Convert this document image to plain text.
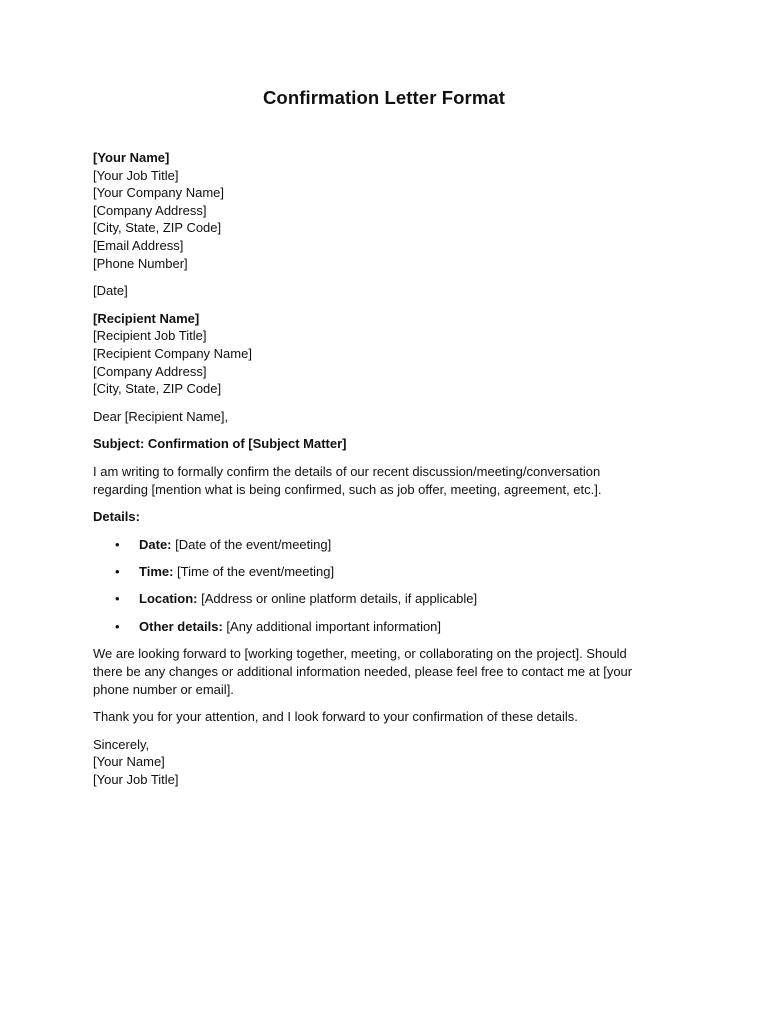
Confirmation Letter Format
[Your Name]
[Your Job Title]
[Your Company Name]
[Company Address]
[City, State, ZIP Code]
[Email Address]
[Phone Number]
[Date]
[Recipient Name]
[Recipient Job Title]
[Recipient Company Name]
[Company Address]
[City, State, ZIP Code]
Dear [Recipient Name],
Subject: Confirmation of [Subject Matter]
I am writing to formally confirm the details of our recent discussion/meeting/conversation
regarding [mention what is being confirmed, such as job offer, meeting, agreement, etc.].
Details:
• Date: [Date of the event/meeting]
• Time: [Time of the event/meeting]
• Location: [Address or online platform details, if applicable]
• Other details: [Any additional important information]
We are looking forward to [working together, meeting, or collaborating on the project]. Should
there be any changes or additional information needed, please feel free to contact me at [your
phone number or email].
Thank you for your attention, and I look forward to your confirmation of these details.
Sincerely,
[Your Name]
[Your Job Title]
